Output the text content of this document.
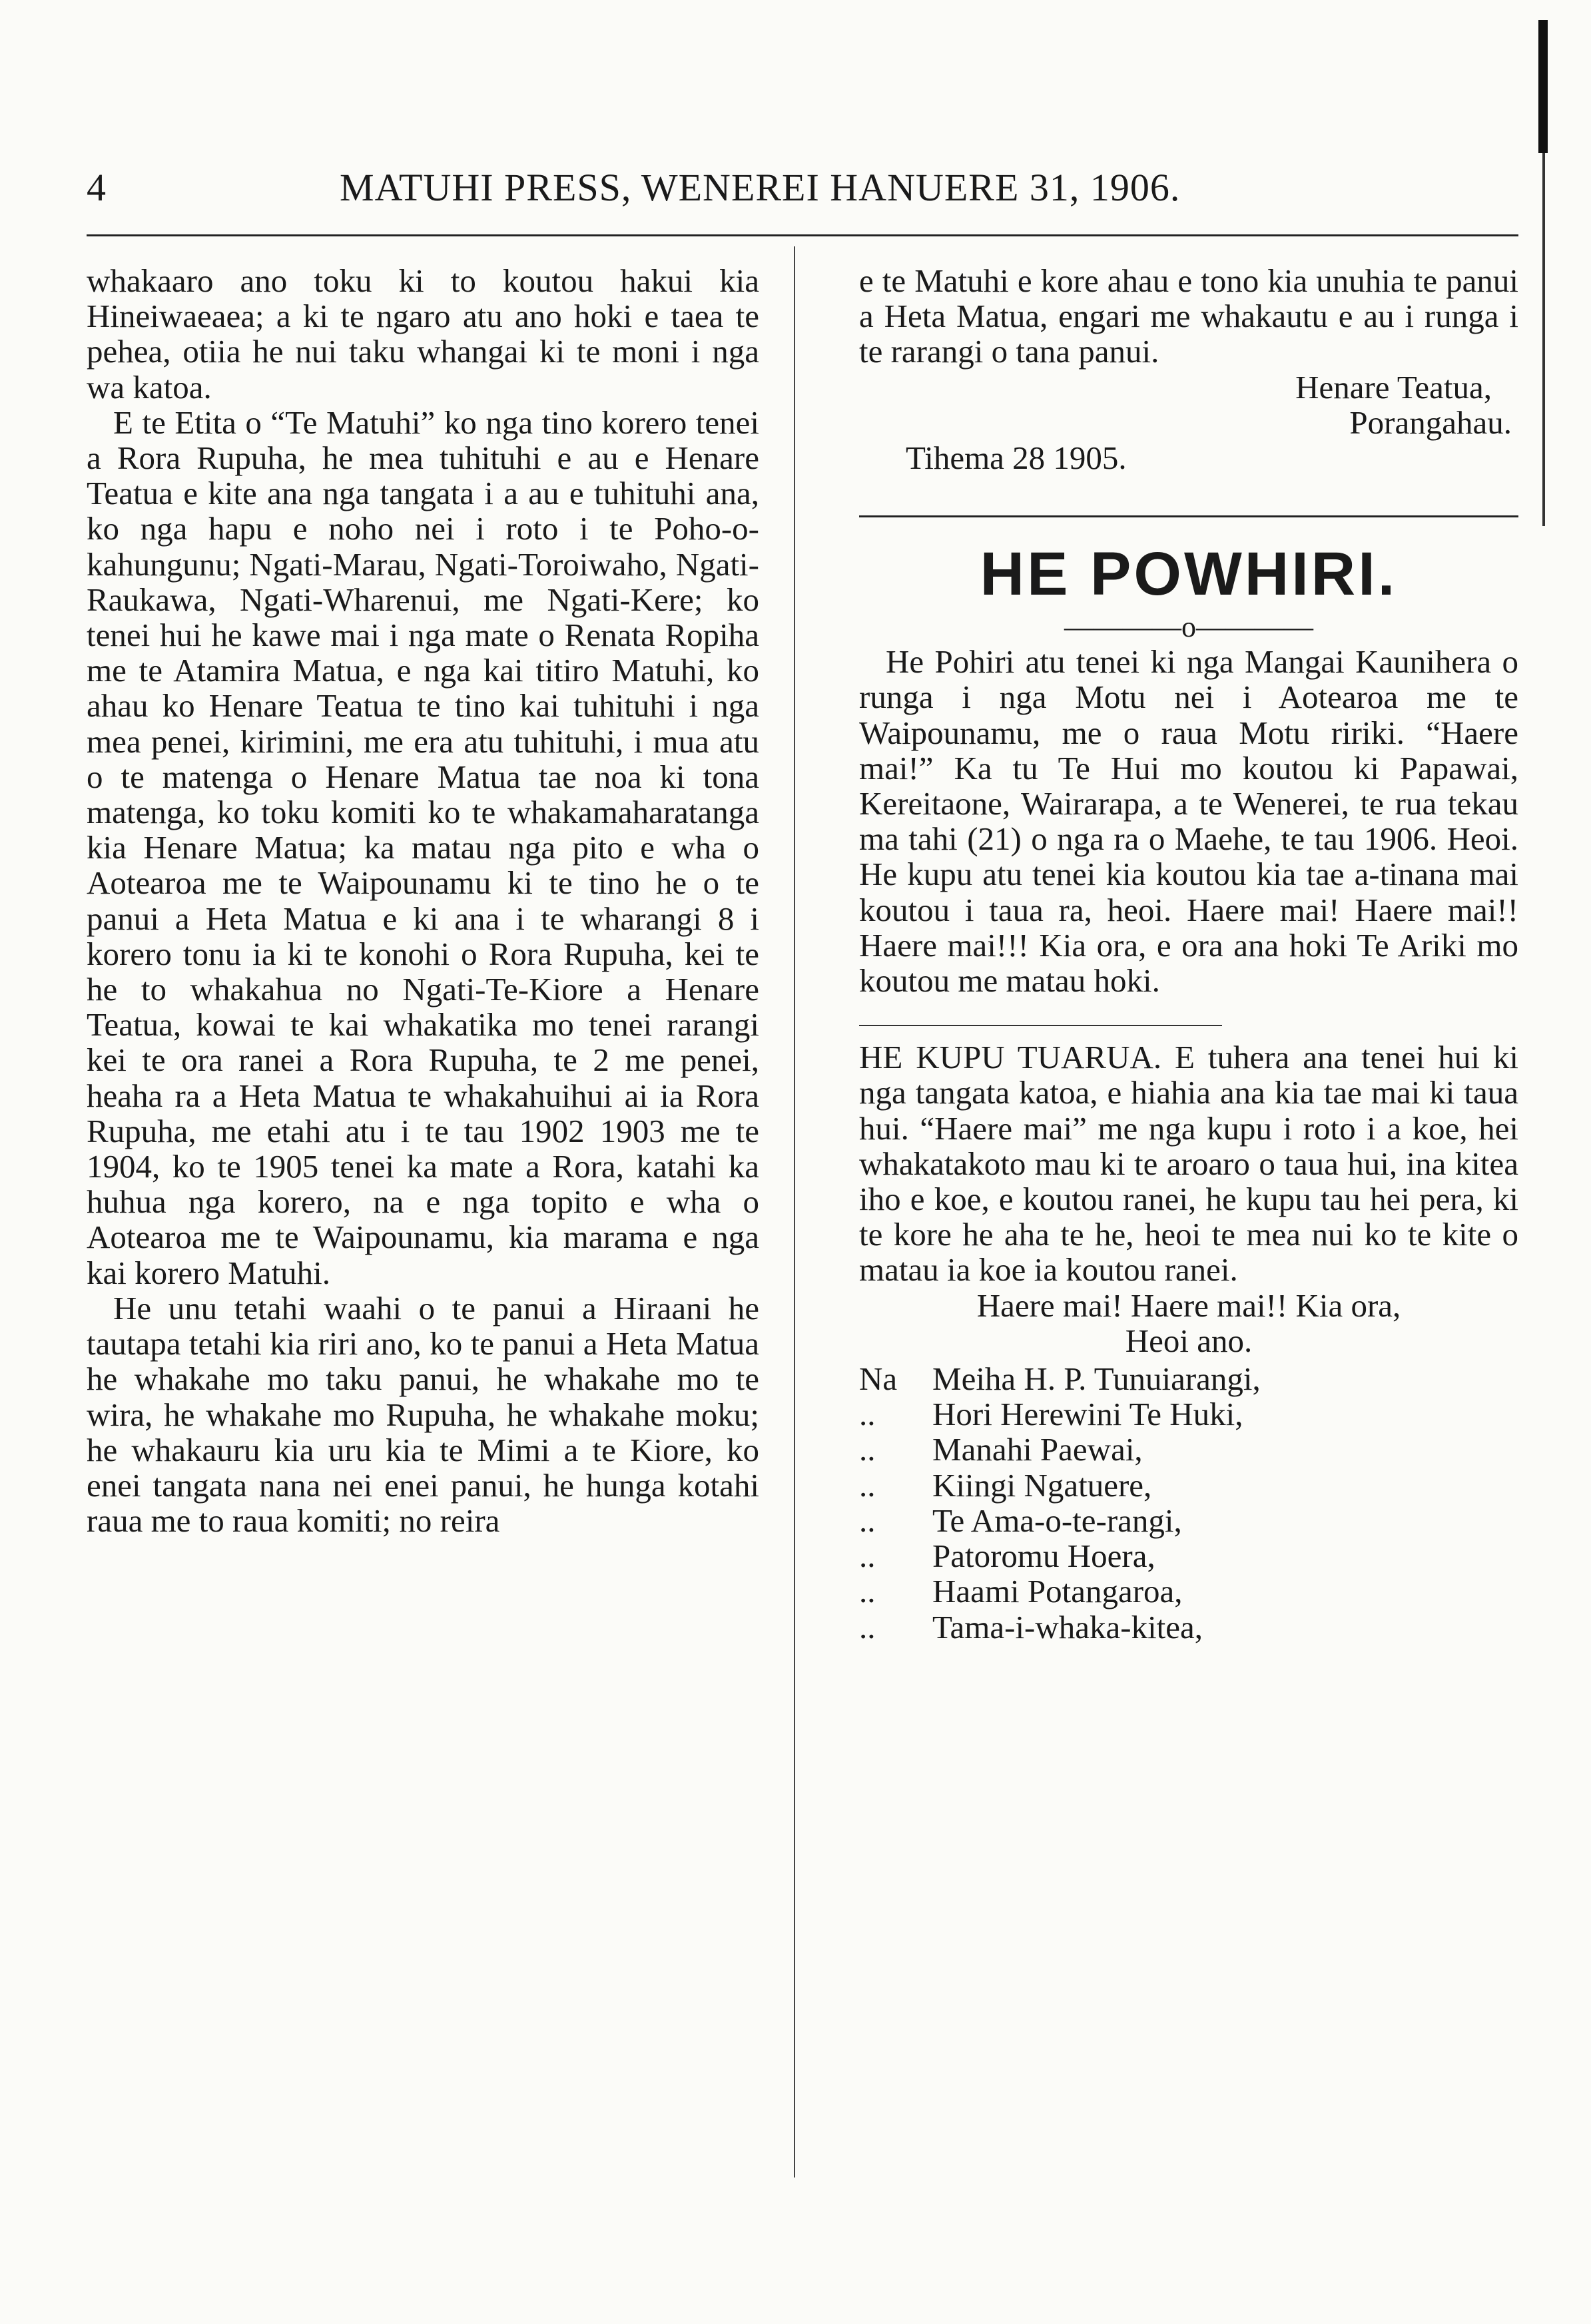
4	MATUHI PRESS, WENEREI HANUERE 31, 1906.

whakaaro ano toku ki to koutou hakui kia Hineiwaeaea; a ki te ngaro atu ano hoki e taea te pehea, otiia he nui taku whangai ki te moni i nga wa katoa.

E te Etita o “Te Matuhi” ko nga tino korero tenei a Rora Rupuha, he mea tuhituhi e au e Henare Teatua e kite ana nga tangata i a au e tuhituhi ana, ko nga hapu e noho nei i roto i te Poho-o-kahungunu; Ngati-Marau, Ngati-Toroiwaho, Ngati-Raukawa, Ngati-Wharenui, me Ngati-Kere; ko tenei hui he kawe mai i nga mate o Renata Ropiha me te Atamira Matua, e nga kai titiro Matuhi, ko ahau ko Henare Teatua te tino kai tuhituhi i nga mea penei, kirimini, me era atu tuhituhi, i mua atu o te matenga o Henare Matua tae noa ki tona matenga, ko toku komiti ko te whakamaharatanga kia Henare Matua; ka matau nga pito e wha o Aotearoa me te Waipounamu ki te tino he o te panui a Heta Matua e ki ana i te wharangi 8 i korero tonu ia ki te konohi o Rora Rupuha, kei te he to whakahua no Ngati-Te-Kiore a Henare Teatua, kowai te kai whakatika mo tenei rarangi kei te ora ranei a Rora Rupuha, te 2 me penei, heaha ra a Heta Matua te whakahuihui ai ia Rora Rupuha, me etahi atu i te tau 1902 1903 me te 1904, ko te 1905 tenei ka mate a Rora, katahi ka huhua nga korero, na e nga topito e wha o Aotearoa me te Waipounamu, kia marama e nga kai korero Matuhi.

He unu tetahi waahi o te panui a Hiraani he tautapa tetahi kia riri ano, ko te panui a Heta Matua he whakahe mo taku panui, he whakahe mo te wira, he whakahe mo Rupuha, he whakahe moku; he whakauru kia uru kia te Mimi a te Kiore, ko enei tangata nana nei enei panui, he hunga kotahi raua me to raua komiti; no reira

e te Matuhi e kore ahau e tono kia unuhia te panui a Heta Matua, engari me whakautu e au i runga i te rarangi o tana panui.

Henare Teatua,

Porangahau.

Tihema 28 1905.

HE POWHIRI.
————o————

He Pohiri atu tenei ki nga Mangai Kaunihera o runga i nga Motu nei i Aotearoa me te Waipounamu, me o raua Motu ririki. “Haere mai!” Ka tu Te Hui mo koutou ki Papawai, Kereitaone, Wairarapa, a te Wenerei, te rua tekau ma tahi (21) o nga ra o Maehe, te tau 1906. Heoi. He kupu atu tenei kia koutou kia tae a-tinana mai koutou i taua ra, heoi. Haere mai! Haere mai!! Haere mai!!! Kia ora, e ora ana hoki Te Ariki mo koutou me matau hoki.

HE KUPU TUARUA. E tuhera ana tenei hui ki nga tangata katoa, e hiahia ana kia tae mai ki taua hui. “Haere mai” me nga kupu i roto i a koe, hei whakatakoto mau ki te aroaro o taua hui, ina kitea iho e koe, e koutou ranei, he kupu tau hei pera, ki te kore he aha te he, heoi te mea nui ko te kite o matau ia koe ia koutou ranei.

Haere mai! Haere mai!! Kia ora,

Heoi ano.

Na	Meiha H. P. Tunuiarangi,
..	Hori Herewini Te Huki,
..	Manahi Paewai,
..	Kiingi Ngatuere,
..	Te Ama-o-te-rangi,
..	Patoromu Hoera,
..	Haami Potangaroa,
..	Tama-i-whaka-kitea,
